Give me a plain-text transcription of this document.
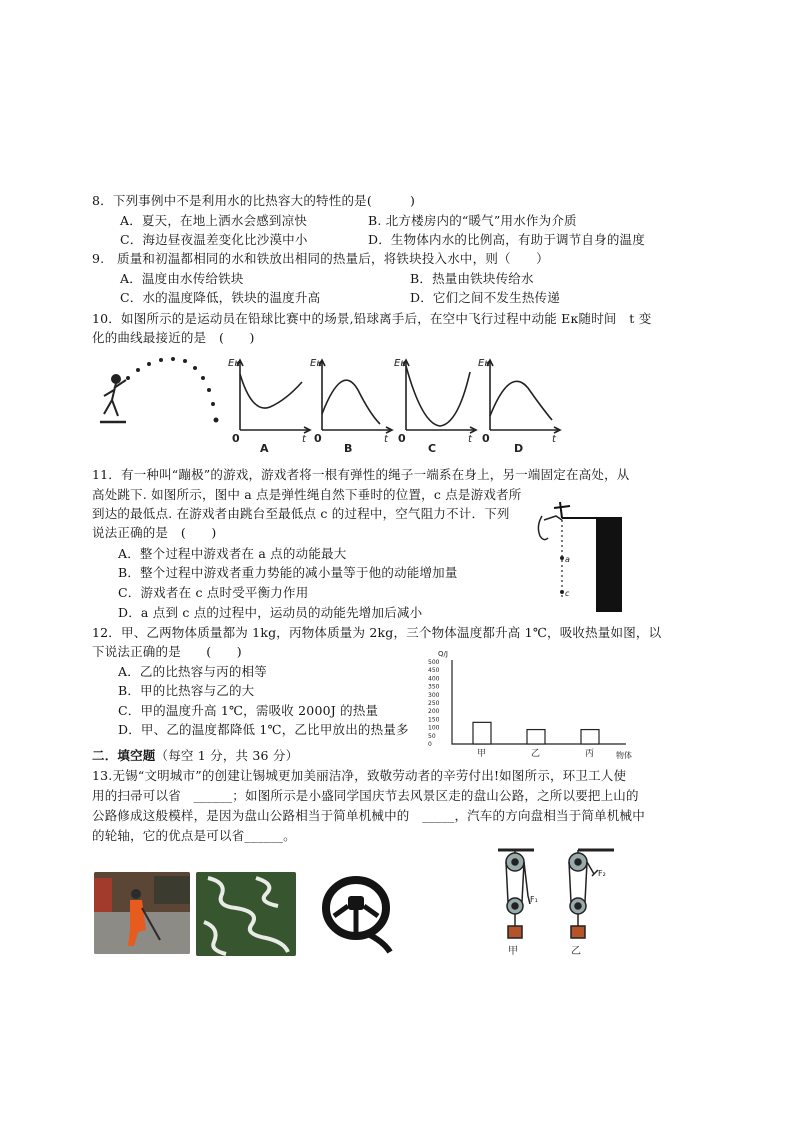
8．下列事例中不是利用水的比热容大的特性的是(　　　)
A．夏天，在地上洒水会感到凉快	B. 北方楼房内的“暖气”用水作为介质
C．海边昼夜温差变化比沙漠中小	D．生物体内水的比例高，有助于调节自身的温度
9.　质量和初温都相同的水和铁放出相同的热量后，将铁块投入水中，则（　　）
A．温度由水传给铁块	B．热量由铁块传给水
C．水的温度降低，铁块的温度升高	D．它们之间不发生热传递
10．如图所示的是运动员在铅球比赛中的场景,铅球离手后，在空中飞行过程中动能 Eκ随时间　t 变
化的曲线最接近的是　(　　)
Eκ	Eκ	Eκ	Eκ
t	t	t	t
0	0	0	0
A	B	C	D
11．有一种叫“蹦极”的游戏，游戏者将一根有弹性的绳子一端系在身上，另一端固定在高处，从
高处跳下. 如图所示，图中 a 点是弹性绳自然下垂时的位置，c 点是游戏者所
到达的最低点. 在游戏者由跳台至最低点 c 的过程中，空气阻力不计．下列
说法正确的是　(　　)
A．整个过程中游戏者在 a 点的动能最大
B．整个过程中游戏者重力势能的减小量等于他的动能增加量
C．游戏者在 c 点时受平衡力作用
D．a 点到 c 点的过程中，运动员的动能先增加后减小
a
c
12．甲、乙两物体质量都为 1kg，丙物体质量为 2kg，三个物体温度都升高 1℃，吸收热量如图，以
下说法正确的是　　(　　)
A．乙的比热容与丙的相等
B．甲的比热容与乙的大
C．甲的温度升高 1℃，需吸收 2000J 的热量
D．甲、乙的温度都降低 1℃，乙比甲放出的热量多
Q/J
500
450
400
350
300
250
200
150
100
50
0
甲	乙	丙	物体
二．填空题（每空 1 分，共 36 分）
13.无锡“文明城市”的创建让锡城更加美丽洁净，致敬劳动者的辛劳付出!如图所示，环卫工人使
用的扫帚可以省　______；如图所示是小盛同学国庆节去风景区走的盘山公路，之所以要把上山的
公路修成这般模样，是因为盘山公路相当于简单机械中的　_____，汽车的方向盘相当于简单机械中
的轮轴，它的优点是可以省______。
F₁
F₂
甲	乙
